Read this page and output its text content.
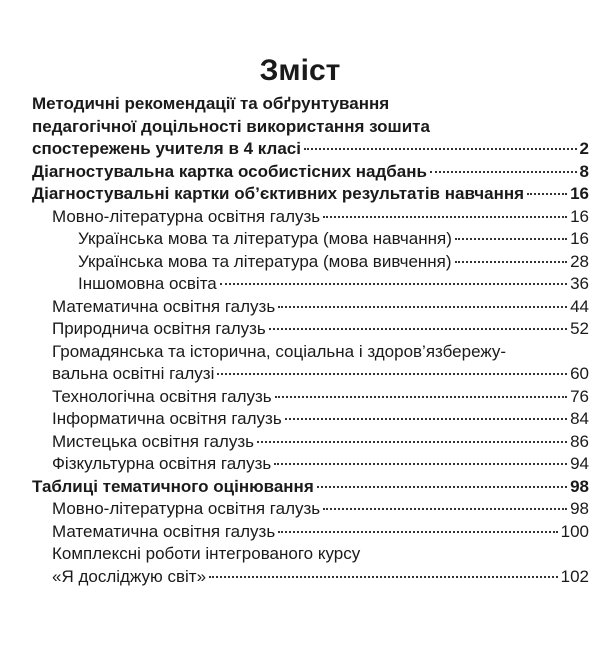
Зміст
Методичні рекомендації та обґрунтування
педагогічної доцільності використання зошита
спостережень учителя в 4 класі	2
Діагностувальна картка особистісних надбань	8
Діагностувальні картки об’єктивних результатів навчання	16
Мовно-літературна освітня галузь	16
Українська мова та література (мова навчання)	16
Українська мова та література (мова вивчення)	28
Іншомовна освіта	36
Математична освітня галузь	44
Природнича освітня галузь	52
Громадянська та історична, соціальна і здоров’язбережу-
вальна освітні галузі	60
Технологічна освітня галузь	76
Інформатична освітня галузь	84
Мистецька освітня галузь	86
Фізкультурна освітня галузь	94
Таблиці тематичного оцінювання	98
Мовно-літературна освітня галузь	98
Математична освітня галузь	100
Комплексні роботи інтегрованого курсу
«Я досліджую світ»	102
